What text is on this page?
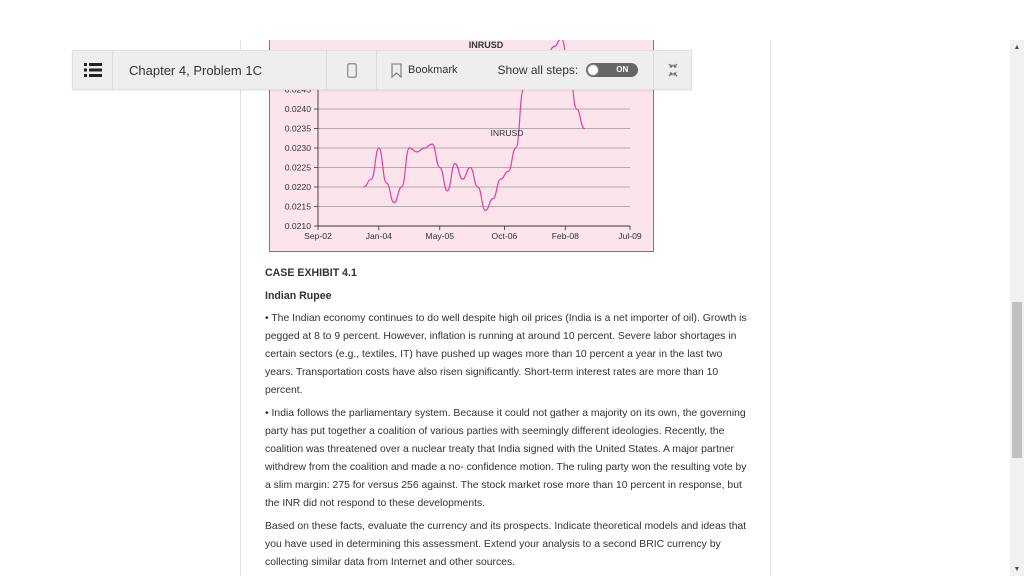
INRUSD
0.0210
0.0215
0.0220
0.0225
0.0230
0.0235
0.0240
Sep-02	Jan-04	May-05	Oct-06	Feb-08	Jul-09
INRUSD
CASE EXHIBIT 4.1
Indian Rupee

• The Indian economy continues to do well despite high oil prices (India is a net importer of oil). Growth is pegged at 8 to 9 percent. However, inflation is running at around 10 percent. Severe labor shortages in certain sectors (e.g., textiles, IT) have pushed up wages more than 10 percent a year in the last two years. Transportation costs have also risen significantly. Short-term interest rates are more than 10 percent.

• India follows the parliamentary system. Because it could not gather a majority on its own, the governing party has put together a coalition of various parties with seemingly different ideologies. Recently, the coalition was threatened over a nuclear treaty that India signed with the United States. A major partner withdrew from the coalition and made a no- confidence motion. The ruling party won the resulting vote by a slim margin: 275 for versus 256 against. The stock market rose more than 10 percent in response, but the INR did not respond to these developments.

Based on these facts, evaluate the currency and its prospects. Indicate theoretical models and ideas that you have used in determining this assessment. Extend your analysis to a second BRIC currency by collecting similar data from Internet and other sources.

Chapter 4, Problem 1C	Bookmark	Show all steps:	ON
▲
▼
